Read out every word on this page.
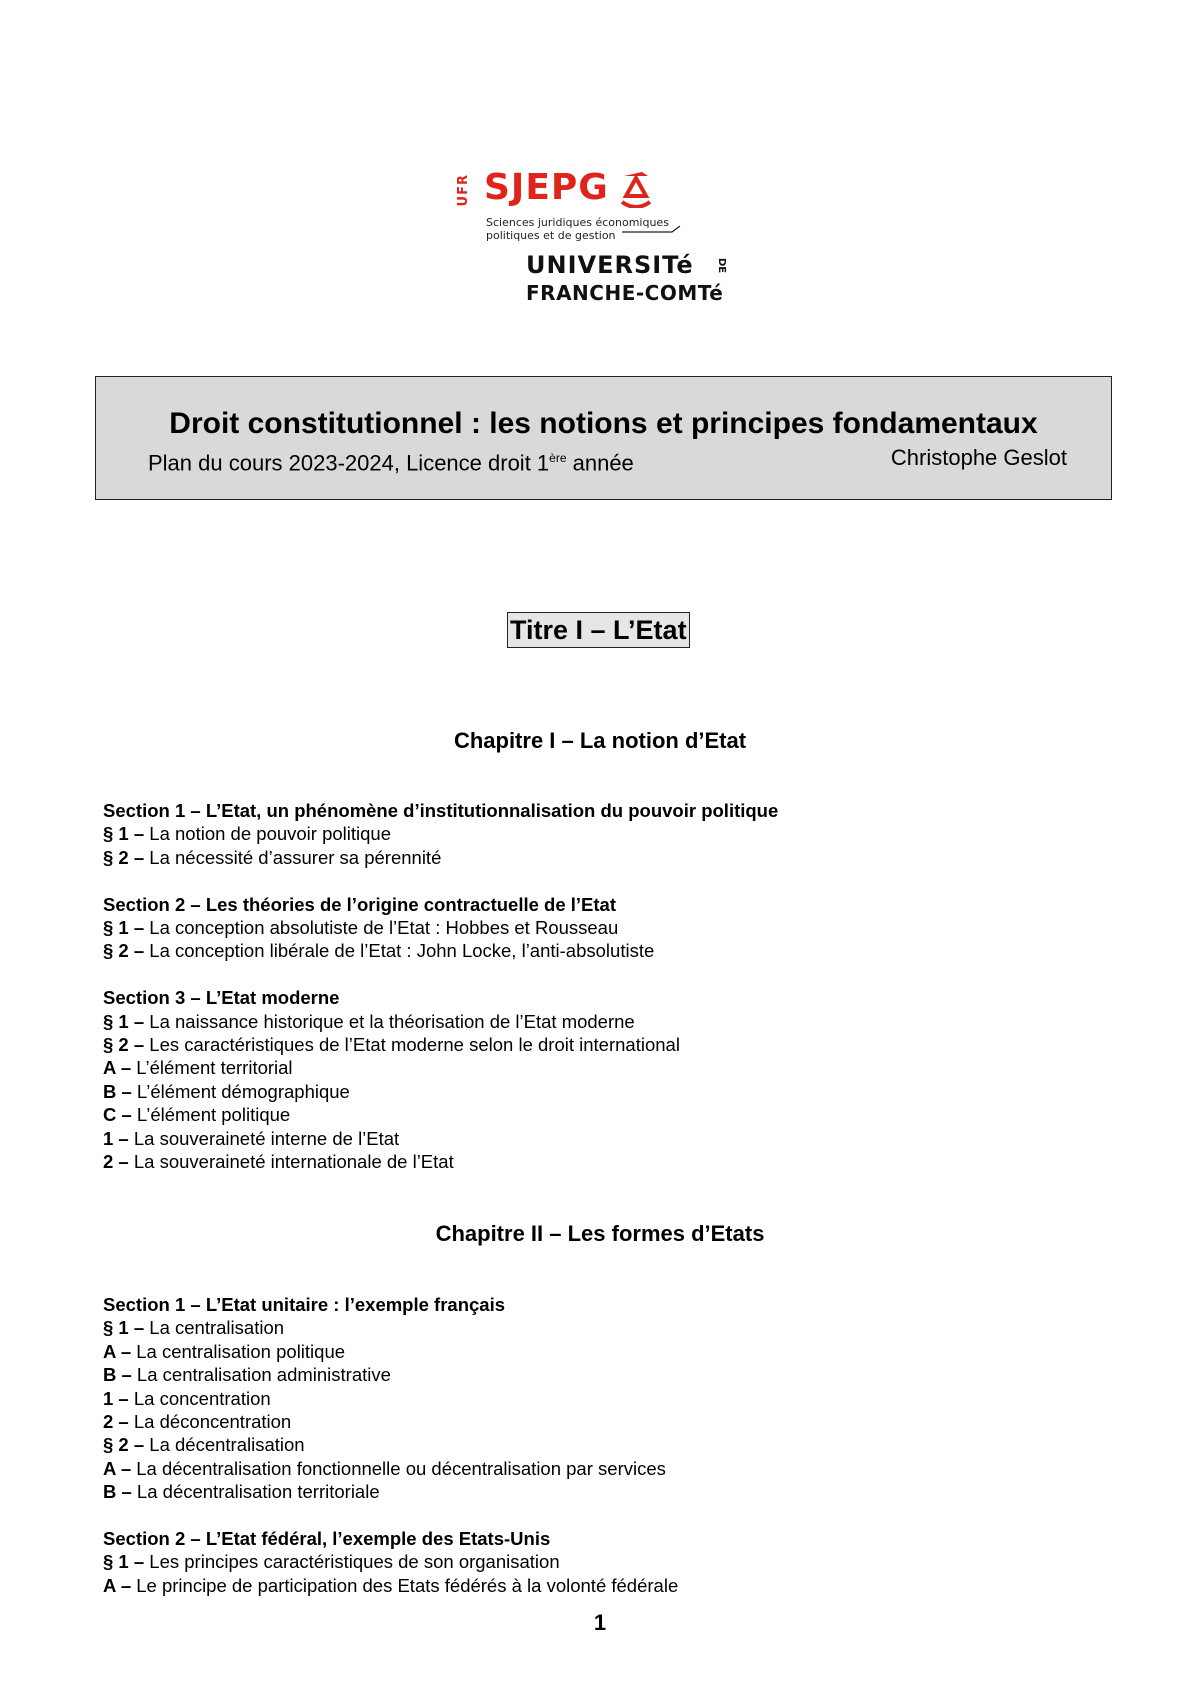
UFR SJEPG
Sciences juridiques économiques
politiques et de gestion
UNIVERSITé DE
FRANCHE-COMTé
Droit constitutionnel : les notions et principes fondamentaux
Plan du cours 2023-2024, Licence droit 1ère année	Christophe Geslot
Titre I – L’Etat
Chapitre I – La notion d’Etat
Section 1 – L’Etat, un phénomène d’institutionnalisation du pouvoir politique
§ 1 – La notion de pouvoir politique
§ 2 – La nécessité d’assurer sa pérennité
Section 2 – Les théories de l’origine contractuelle de l’Etat
§ 1 – La conception absolutiste de l’Etat : Hobbes et Rousseau
§ 2 – La conception libérale de l’Etat : John Locke, l’anti-absolutiste
Section 3 – L’Etat moderne
§ 1 – La naissance historique et la théorisation de l’Etat moderne
§ 2 – Les caractéristiques de l’Etat moderne selon le droit international
A – L’élément territorial
B – L’élément démographique
C – L’élément politique
1 – La souveraineté interne de l’Etat
2 – La souveraineté internationale de l’Etat
Chapitre II – Les formes d’Etats
Section 1 – L’Etat unitaire : l’exemple français
§ 1 – La centralisation
A – La centralisation politique
B – La centralisation administrative
1 – La concentration
2 – La déconcentration
§ 2 – La décentralisation
A – La décentralisation fonctionnelle ou décentralisation par services
B – La décentralisation territoriale
Section 2 – L’Etat fédéral, l’exemple des Etats-Unis
§ 1 – Les principes caractéristiques de son organisation
A – Le principe de participation des Etats fédérés à la volonté fédérale
1
